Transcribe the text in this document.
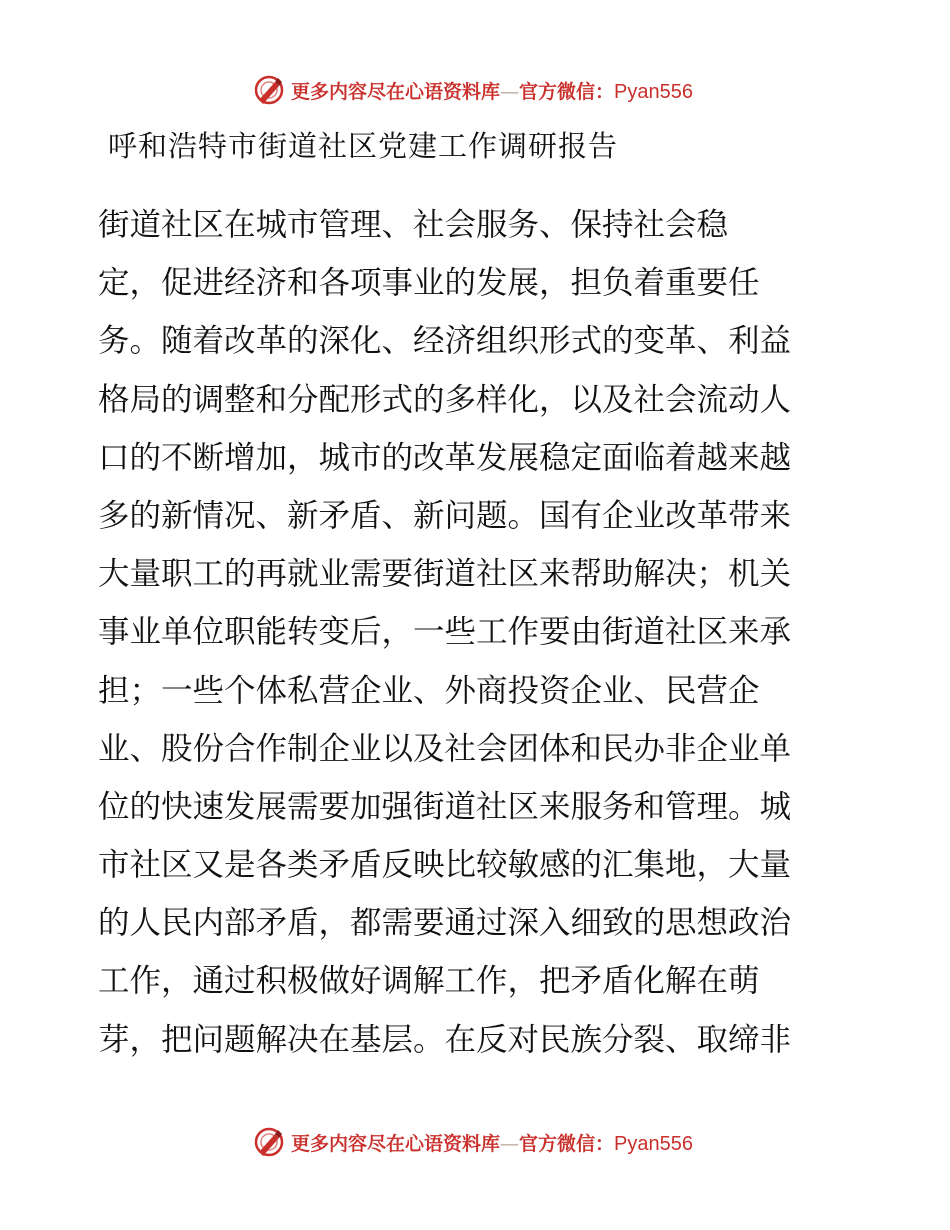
更多内容尽在心语资料库—官方微信：Pyan556
呼和浩特市街道社区党建工作调研报告
街道社区在城市管理、社会服务、保持社会稳
定，促进经济和各项事业的发展，担负着重要任
务。随着改革的深化、经济组织形式的变革、利益
格局的调整和分配形式的多样化，以及社会流动人
口的不断增加，城市的改革发展稳定面临着越来越
多的新情况、新矛盾、新问题。国有企业改革带来
大量职工的再就业需要街道社区来帮助解决；机关
事业单位职能转变后，一些工作要由街道社区来承
担；一些个体私营企业、外商投资企业、民营企
业、股份合作制企业以及社会团体和民办非企业单
位的快速发展需要加强街道社区来服务和管理。城
市社区又是各类矛盾反映比较敏感的汇集地，大量
的人民内部矛盾，都需要通过深入细致的思想政治
工作，通过积极做好调解工作，把矛盾化解在萌
芽，把问题解决在基层。在反对民族分裂、取缔非
更多内容尽在心语资料库—官方微信：Pyan556
